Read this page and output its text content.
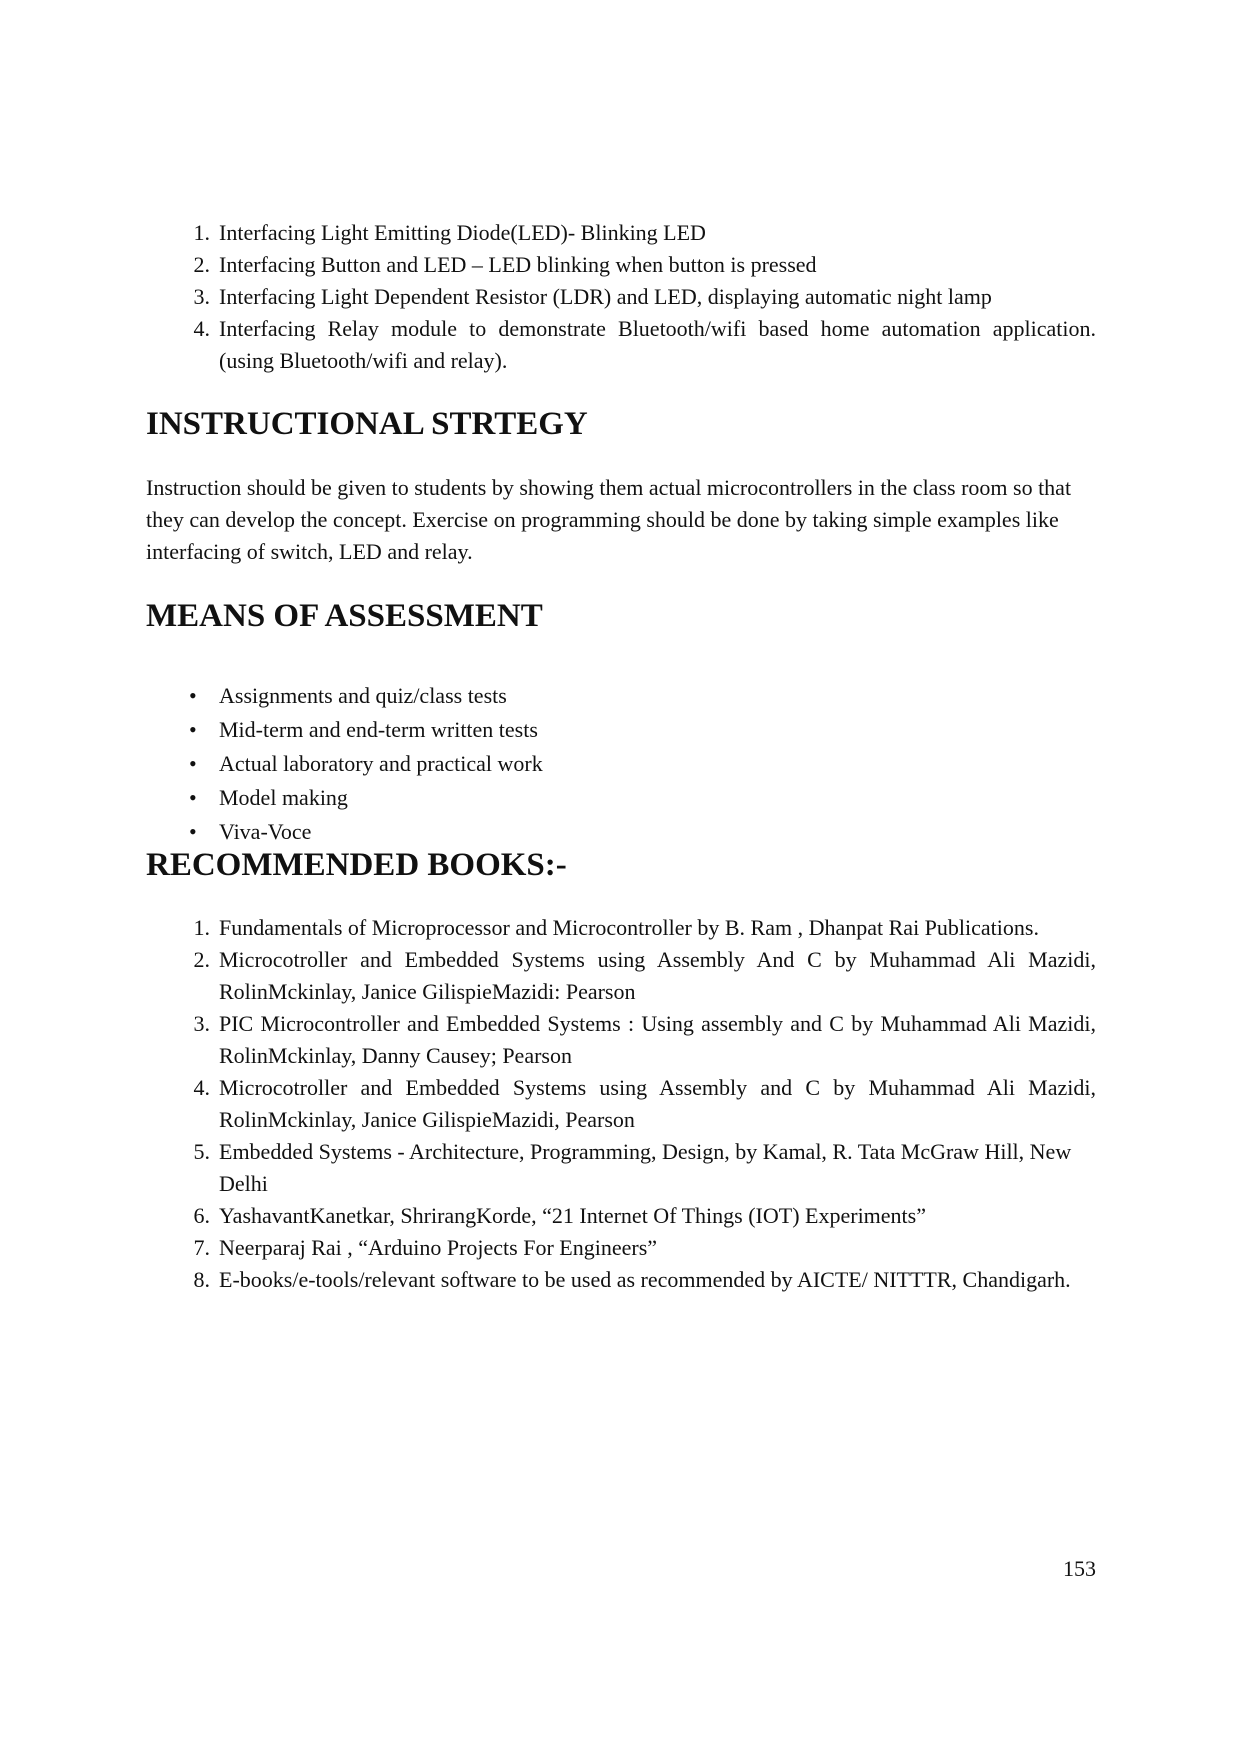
1. Interfacing Light Emitting Diode(LED)- Blinking LED
2. Interfacing Button and LED – LED blinking when button is pressed
3. Interfacing Light Dependent Resistor (LDR) and LED, displaying automatic night lamp
4. Interfacing Relay module to demonstrate Bluetooth/wifi based home automation application. (using Bluetooth/wifi and relay).
INSTRUCTIONAL STRTEGY

Instruction should be given to students by showing them actual microcontrollers in the class room so that they can develop the concept. Exercise on programming should be done by taking simple examples like interfacing of switch, LED and relay.

MEANS OF ASSESSMENT
• Assignments and quiz/class tests
• Mid-term and end-term written tests
• Actual laboratory and practical work
• Model making
• Viva-Voce
RECOMMENDED BOOKS:-
1. Fundamentals of Microprocessor and Microcontroller by B. Ram , Dhanpat Rai Publications.
2. Microcotroller and Embedded Systems using Assembly And C by Muhammad Ali Mazidi, RolinMckinlay, Janice GilispieMazidi: Pearson
3. PIC Microcontroller and Embedded Systems : Using assembly and C by Muhammad Ali Mazidi, RolinMckinlay, Danny Causey; Pearson
4. Microcotroller and Embedded Systems using Assembly and C by Muhammad Ali Mazidi, RolinMckinlay, Janice GilispieMazidi, Pearson
5. Embedded Systems - Architecture, Programming, Design, by Kamal, R. Tata McGraw Hill, New Delhi
6. YashavantKanetkar, ShrirangKorde, “21 Internet Of Things (IOT) Experiments”
7. Neerparaj Rai , “Arduino Projects For Engineers”
8. E-books/e-tools/relevant software to be used as recommended by AICTE/ NITTTR, Chandigarh.
153
